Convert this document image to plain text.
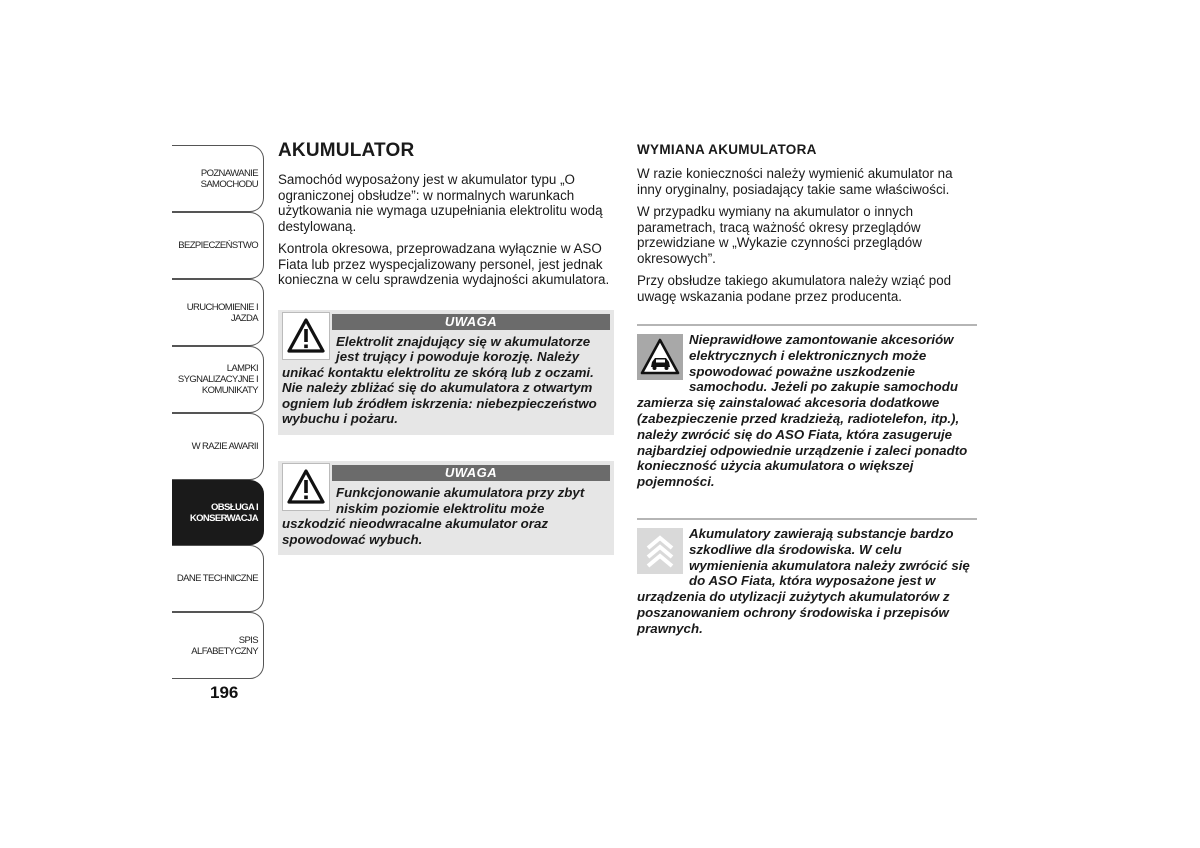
POZNAWANIE
SAMOCHODU
BEZPIECZEŃSTWO
URUCHOMIENIE I
JAZDA
LAMPKI
SYGNALIZACYJNE I
KOMUNIKATY
W RAZIE AWARII
OBSŁUGA I
KONSERWACJA
DANE TECHNICZNE
SPIS ALFABETYCZNY
196
AKUMULATOR

Samochód wyposażony jest w akumulator typu „O ograniczonej obsłudze”: w normalnych warunkach użytkowania nie wymaga uzupełniania elektrolitu wodą destylowaną.

Kontrola okresowa, przeprowadzana wyłącznie w ASO Fiata lub przez wyspecjalizowany personel, jest jednak konieczna w celu sprawdzenia wydajności akumulatora.

UWAGA
Elektrolit znajdujący się w akumulatorze jest trujący i powoduje korozję. Należy unikać kontaktu elektrolitu ze skórą lub z oczami. Nie należy zbliżać się do akumulatora z otwartym ogniem lub źródłem iskrzenia: niebezpieczeństwo wybuchu i pożaru.
UWAGA
Funkcjonowanie akumulatora przy zbyt niskim poziomie elektrolitu może uszkodzić nieodwracalne akumulator oraz spowodować wybuch.
WYMIANA AKUMULATORA

W razie konieczności należy wymienić akumulator na inny oryginalny, posiadający takie same właściwości.

W przypadku wymiany na akumulator o innych parametrach, tracą ważność okresy przeglądów przewidziane w „Wykazie czynności przeglądów okresowych”.

Przy obsłudze takiego akumulatora należy wziąć pod uwagę wskazania podane przez producenta.

Nieprawidłowe zamontowanie akcesoriów elektrycznych i elektronicznych może spowodować poważne uszkodzenie samochodu. Jeżeli po zakupie samochodu zamierza się zainstalować akcesoria dodatkowe (zabezpieczenie przed kradzieżą, radiotelefon, itp.), należy zwrócić się do ASO Fiata, która zasugeruje najbardziej odpowiednie urządzenie i zaleci ponadto konieczność użycia akumulatora o większej pojemności.
Akumulatory zawierają substancje bardzo szkodliwe dla środowiska. W celu wymienienia akumulatora należy zwrócić się do ASO Fiata, która wyposażone jest w urządzenia do utylizacji zużytych akumulatorów z poszanowaniem ochrony środowiska i przepisów prawnych.
